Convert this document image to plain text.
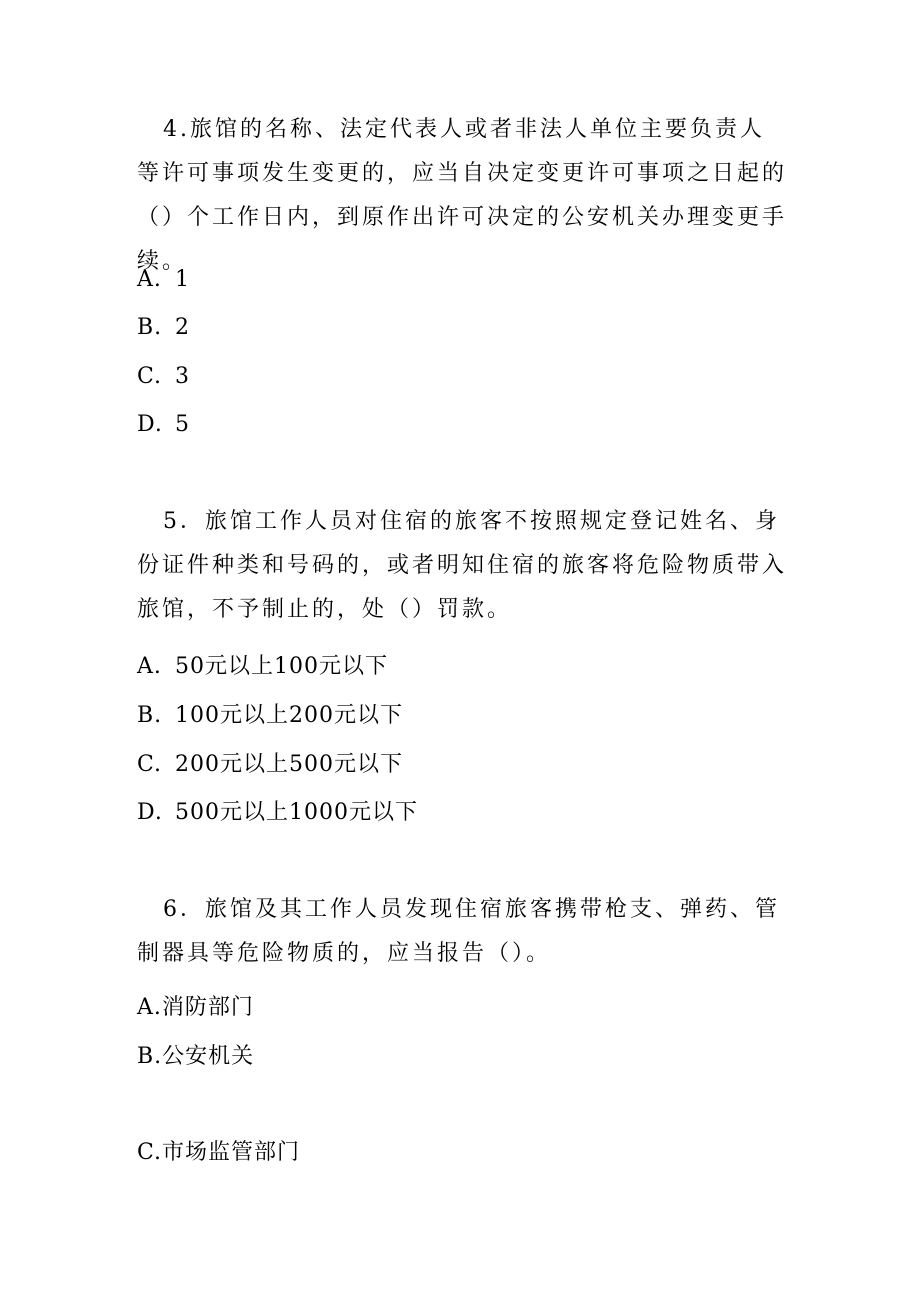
4.旅馆的名称、法定代表人或者非法人单位主要负责人等许可事项发生变更的，应当自决定变更许可事项之日起的（）个工作日内，到原作出许可决定的公安机关办理变更手续。

A. 1
B. 2
C. 3
D. 5

5．旅馆工作人员对住宿的旅客不按照规定登记姓名、身份证件种类和号码的，或者明知住宿的旅客将危险物质带入旅馆，不予制止的，处（）罚款。

A. 50元以上100元以下
B. 100元以上200元以下
C. 200元以上500元以下
D. 500元以上1000元以下

6．旅馆及其工作人员发现住宿旅客携带枪支、弹药、管制器具等危险物质的，应当报告（）。

A.消防部门
B.公安机关
C.市场监管部门
